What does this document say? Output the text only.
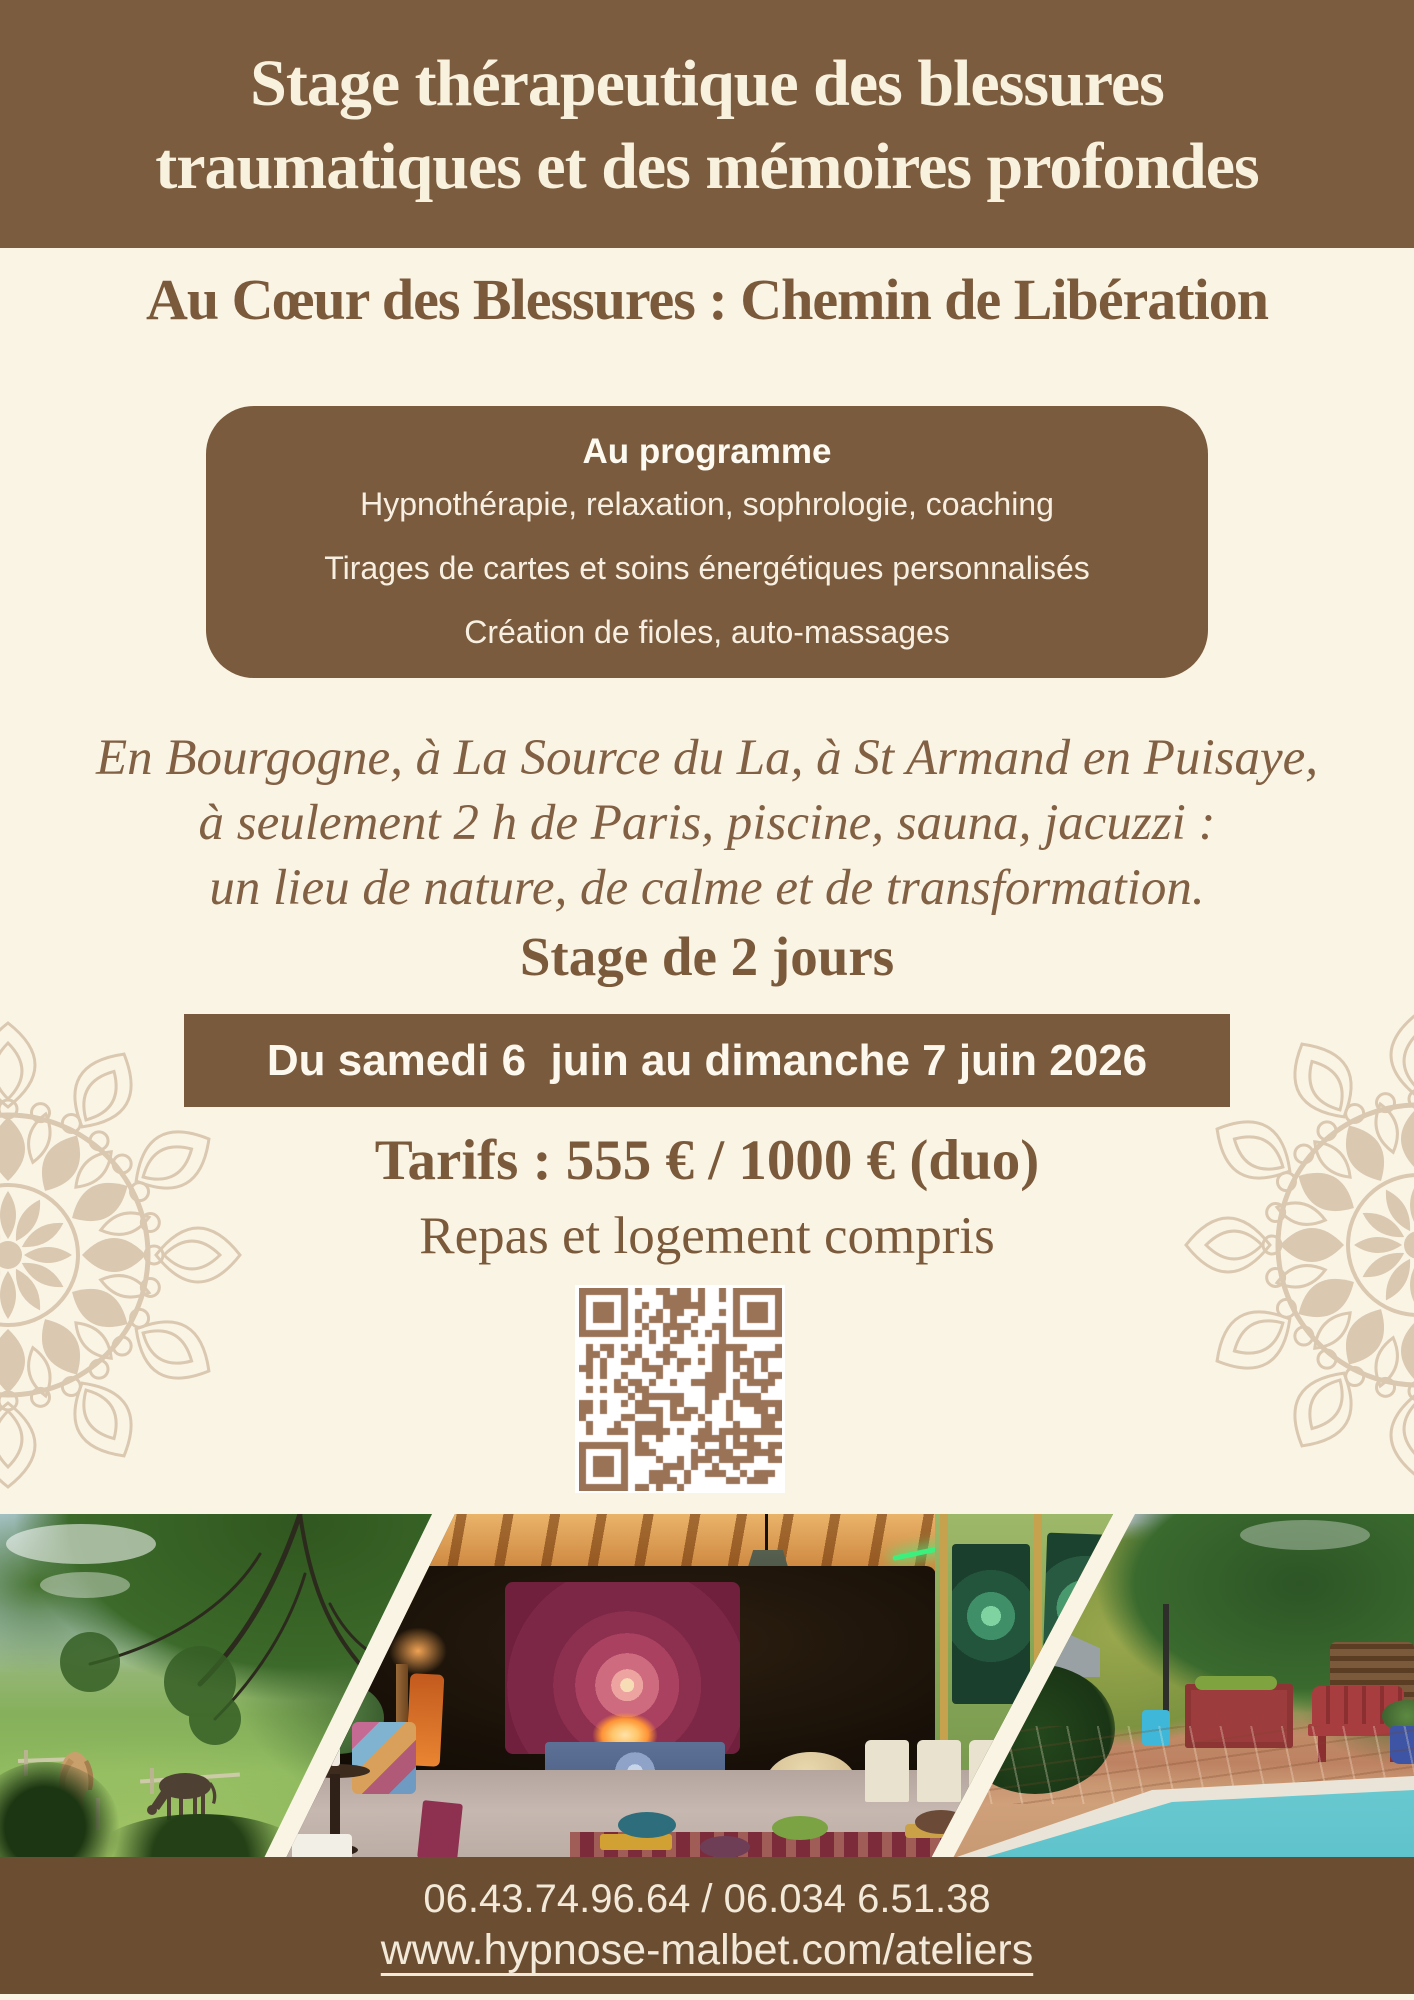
Stage thérapeutique des blessures
traumatiques et des mémoires profondes
Au Cœur des Blessures : Chemin de Libération
Au programme
Hypnothérapie, relaxation, sophrologie, coaching
Tirages de cartes et soins énergétiques personnalisés
Création de fioles, auto-massages
En Bourgogne, à La Source du La, à St Armand en Puisaye,
à seulement 2 h de Paris, piscine, sauna, jacuzzi :
un lieu de nature, de calme et de transformation.
Stage de 2 jours
Du samedi 6  juin au dimanche 7 juin 2026
Tarifs : 555 € / 1000 € (duo)
Repas et logement compris
06.43.74.96.64 / 06.034 6.51.38
www.hypnose-malbet.com/ateliers
